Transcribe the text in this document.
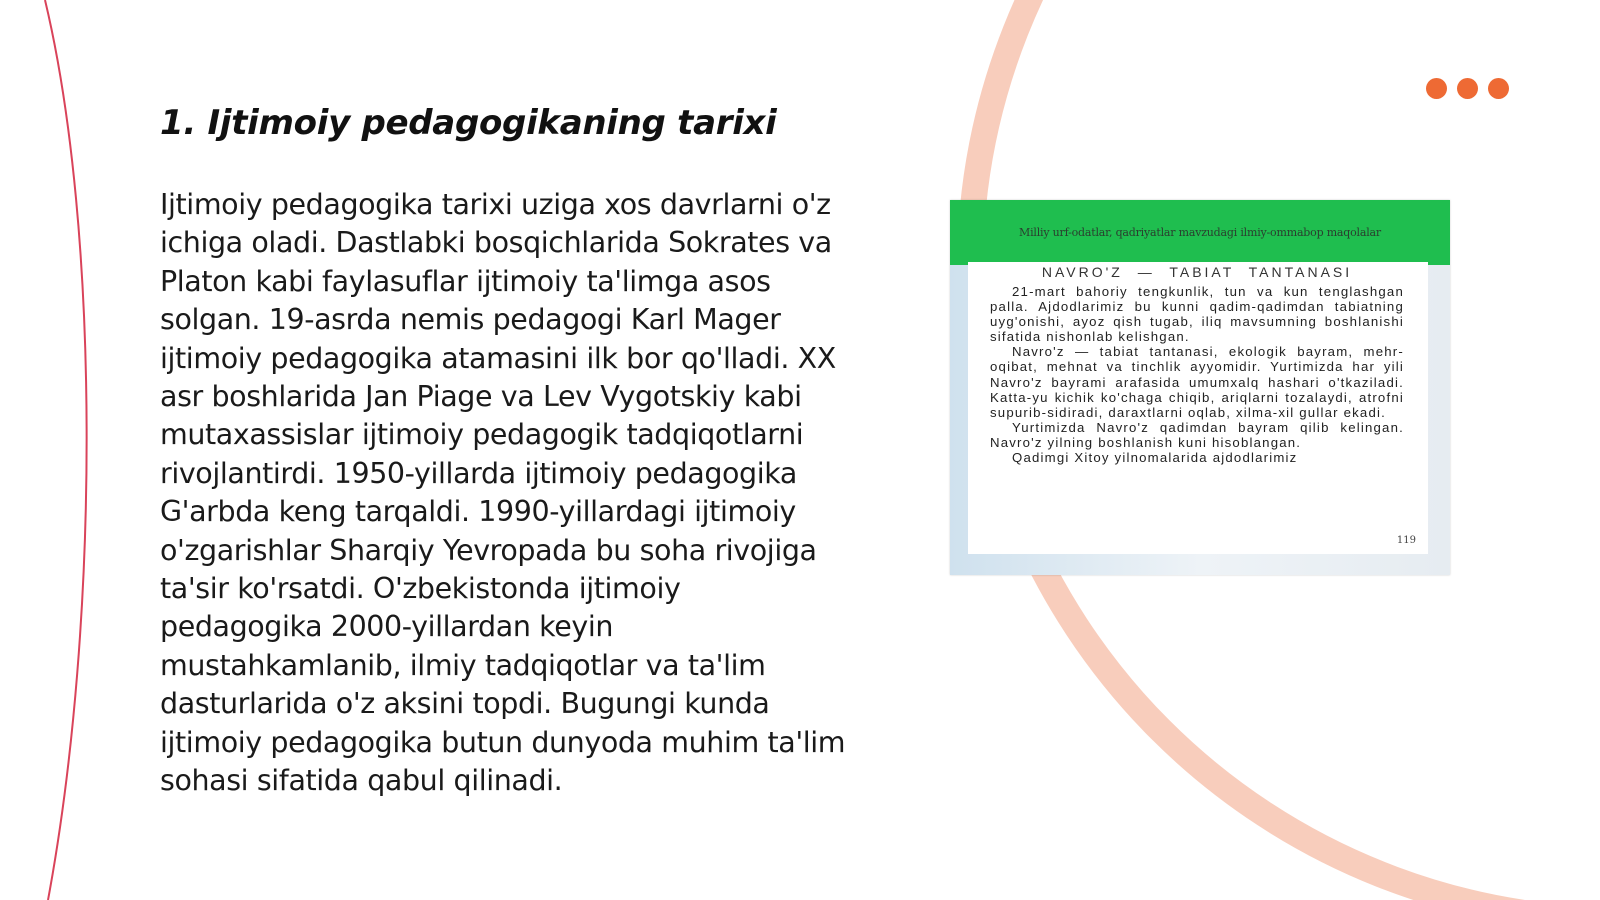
1. Ijtimoiy pedagogikaning tarixi

Ijtimoiy pedagogika tarixi uziga xos davrlarni o'z ichiga oladi. Dastlabki bosqichlarida Sokrates va Platon kabi faylasuflar ijtimoiy ta'limga asos solgan. 19-asrda nemis pedagogi Karl Mager ijtimoiy pedagogika atamasini ilk bor qo'lladi. XX asr boshlarida Jan Piage va Lev Vygotskiy kabi mutaxassislar ijtimoiy pedagogik tadqiqotlarni rivojlantirdi. 1950-yillarda ijtimoiy pedagogika G'arbda keng tarqaldi. 1990-yillardagi ijtimoiy o'zgarishlar Sharqiy Yevropada bu soha rivojiga ta'sir ko'rsatdi. O'zbekistonda ijtimoiy pedagogika 2000-yillardan keyin mustahkamlanib, ilmiy tadqiqotlar va ta'lim dasturlarida o'z aksini topdi. Bugungi kunda ijtimoiy pedagogika butun dunyoda muhim ta'lim sohasi sifatida qabul qilinadi.

Milliy urf-odatlar, qadriyatlar mavzudagi ilmiy-ommabop maqolalar
NAVRO'Z — TABIAT TANTANASI

21-mart bahoriy tengkunlik, tun va kun tenglashgan palla. Ajdodlarimiz bu kunni qadim-qadimdan tabiatning uyg'onishi, ayoz qish tugab, iliq mavsumning boshlanishi sifatida nishonlab kelishgan.

Navro'z — tabiat tantanasi, ekologik bayram, mehr-oqibat, mehnat va tinchlik ayyomidir. Yurtimizda har yili Navro'z bayrami arafasida umumxalq hashari o'tkaziladi. Katta-yu kichik ko'chaga chiqib, ariqlarni tozalaydi, atrofni supurib-sidiradi, daraxtlarni oqlab, xilma-xil gullar ekadi.

Yurtimizda Navro'z qadimdan bayram qilib kelingan. Navro'z yilning boshlanish kuni hisoblangan.

Qadimgi Xitoy yilnomalarida ajdodlarimiz

119
